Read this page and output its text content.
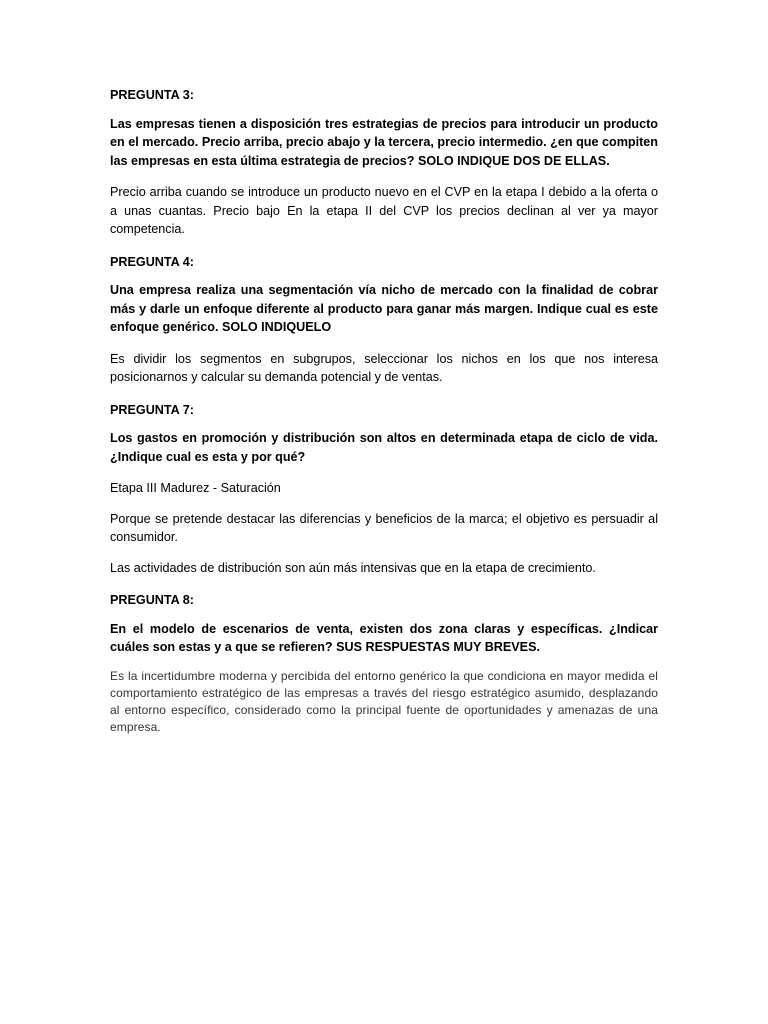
PREGUNTA 3:

Las empresas tienen a disposición tres estrategias de precios para introducir un producto en el mercado. Precio arriba, precio abajo y la tercera, precio intermedio. ¿en que compiten las empresas en esta última estrategia de precios? SOLO INDIQUE DOS DE ELLAS.

Precio arriba cuando se introduce un producto nuevo en el CVP en la etapa I debido a la oferta o a unas cuantas. Precio bajo En la etapa II del CVP los precios declinan al ver ya mayor competencia.

PREGUNTA 4:

Una empresa realiza una segmentación vía nicho de mercado con la finalidad de cobrar más y darle un enfoque diferente al producto para ganar más margen. Indique cual es este enfoque genérico. SOLO INDIQUELO

Es dividir los segmentos en subgrupos, seleccionar los nichos en los que nos interesa posicionarnos y calcular su demanda potencial y de ventas.

PREGUNTA 7:

Los gastos en promoción y distribución son altos en determinada etapa de ciclo de vida. ¿Indique cual es esta y por qué?

Etapa III Madurez - Saturación

Porque se pretende destacar las diferencias y beneficios de la marca; el objetivo es persuadir al consumidor.

Las actividades de distribución son aún más intensivas que en la etapa de crecimiento.

PREGUNTA 8:

En el modelo de escenarios de venta, existen dos zona claras y específicas. ¿Indicar cuáles son estas y a que se refieren? SUS RESPUESTAS MUY BREVES.

Es la incertidumbre moderna y percibida del entorno genérico la que condiciona en mayor medida el comportamiento estratégico de las empresas a través del riesgo estratégico asumido, desplazando al entorno específico, considerado como la principal fuente de oportunidades y amenazas de una empresa.
